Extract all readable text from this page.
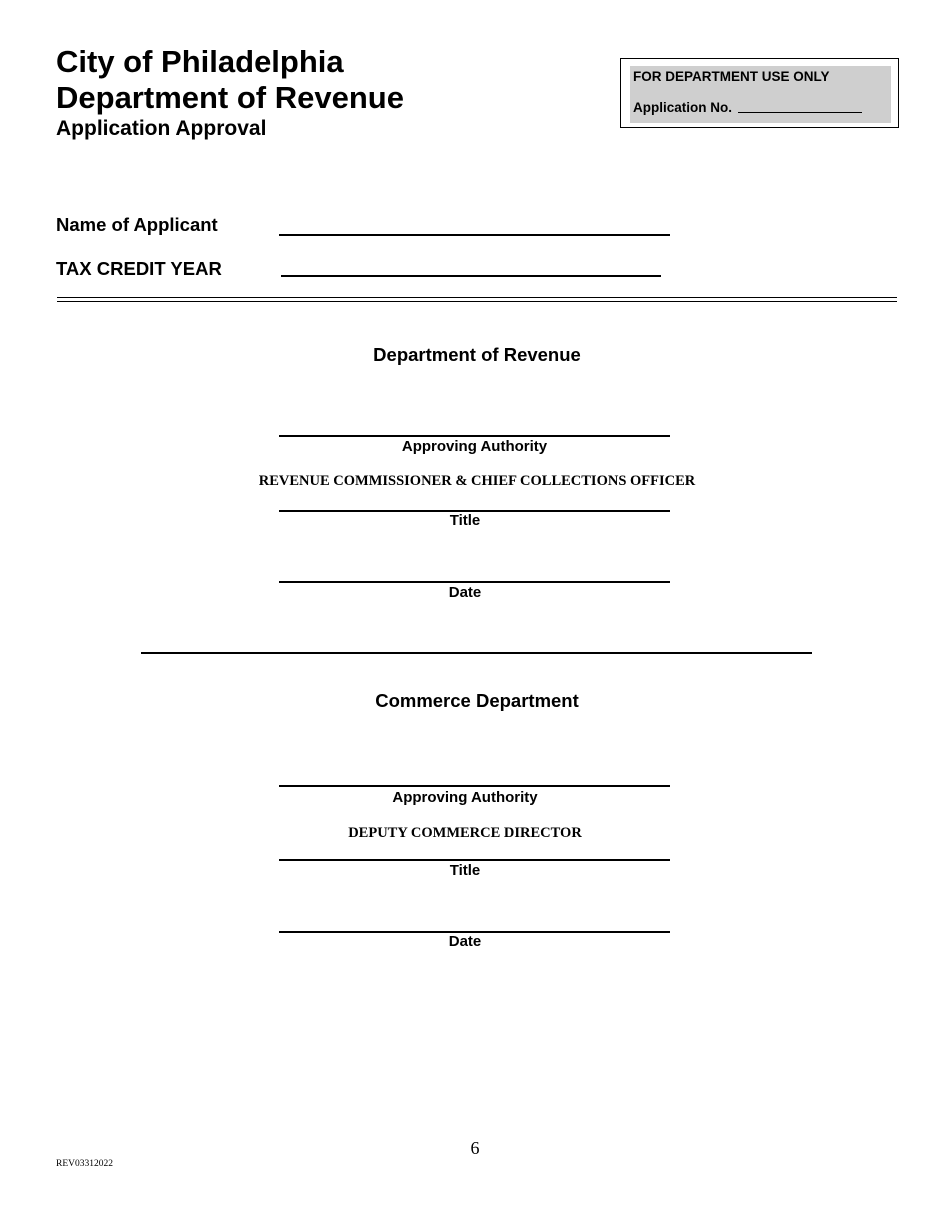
City of Philadelphia
Department of Revenue
Application Approval
FOR DEPARTMENT USE ONLY
Application No.
Name of Applicant
TAX CREDIT YEAR
Department of Revenue
Approving Authority
REVENUE COMMISSIONER & CHIEF COLLECTIONS OFFICER
Title
Date
Commerce Department
Approving Authority
DEPUTY COMMERCE DIRECTOR
Title
Date
6
REV03312022
